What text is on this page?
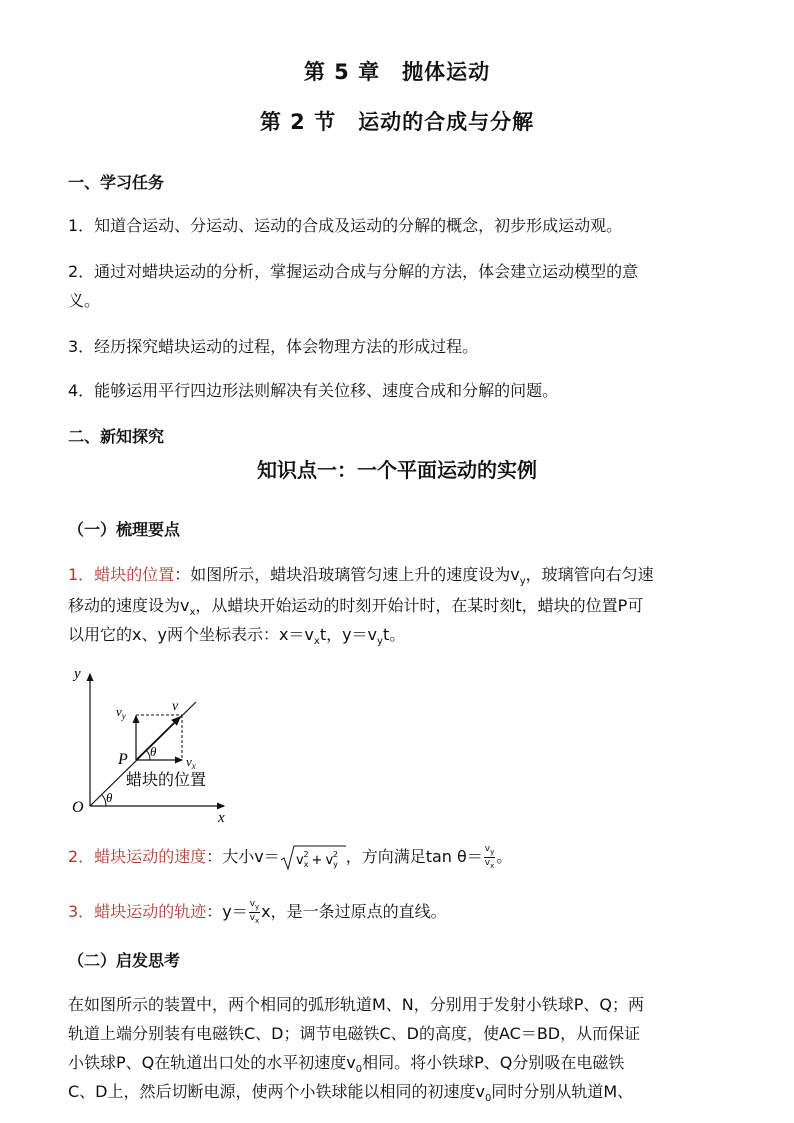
第 5 章　抛体运动
第 2 节　运动的合成与分解
一、学习任务
1．知道合运动、分运动、运动的合成及运动的分解的概念，初步形成运动观。
2．通过对蜡块运动的分析，掌握运动合成与分解的方法，体会建立运动模型的意
义。
3．经历探究蜡块运动的过程，体会物理方法的形成过程。
4．能够运用平行四边形法则解决有关位移、速度合成和分解的问题。
二、新知探究
知识点一：一个平面运动的实例
（一）梳理要点
1．蜡块的位置：如图所示，蜡块沿玻璃管匀速上升的速度设为$v_y$，玻璃管向右匀速
移动的速度设为$v_x$，从蜡块开始运动的时刻开始计时，在某时刻t，蜡块的位置P可
以用它的x、y两个坐标表示：$x=v_xt$，$y=v_yt$。
y
x
O
P
v
$v_y$
$v_x$
θ
θ
蜡块的位置
2．蜡块运动的速度：大小$v= v_x2 + v_y2$ ，方向满足$\tan \theta= \frac{v_y}{v_x}$ 。
3．蜡块运动的轨迹：$y= \frac{v_y}{v_x}$ x，是一条过原点的直线。
（二）启发思考
在如图所示的装置中，两个相同的弧形轨道M、N，分别用于发射小铁球P、Q；两
轨道上端分别装有电磁铁C、D；调节电磁铁C、D的高度，使AC＝BD，从而保证
小铁球P、Q在轨道出口处的水平初速度$v_0$相同。将小铁球P、Q分别吸在电磁铁
C、D上，然后切断电源，使两个小铁球能以相同的初速度$v_0$同时分别从轨道M、
